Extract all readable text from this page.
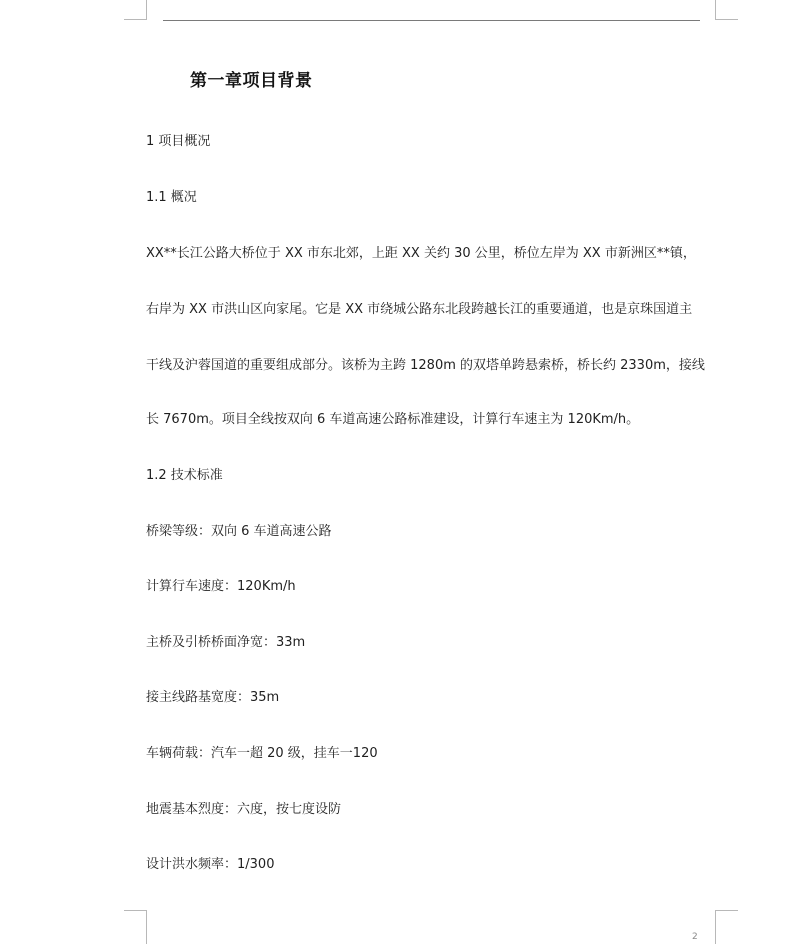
第一章项目背景
1 项目概况
1.1 概况
XX**长江公路大桥位于 XX 市东北郊，上距 XX 关约 30 公里，桥位左岸为 XX 市新洲区**镇，
右岸为 XX 市洪山区向家尾。它是 XX 市绕城公路东北段跨越长江的重要通道，也是京珠国道主
干线及沪蓉国道的重要组成部分。该桥为主跨 1280m 的双塔单跨悬索桥，桥长约 2330m，接线
长 7670m。项目全线按双向 6 车道高速公路标准建设，计算行车速主为 120Km/h。
1.2 技术标准
桥梁等级：双向 6 车道高速公路
计算行车速度：120Km/h
主桥及引桥桥面净宽：33m
接主线路基宽度：35m
车辆荷载：汽车一超 20 级，挂车一120
地震基本烈度：六度，按七度设防
设计洪水频率：1/300
2
